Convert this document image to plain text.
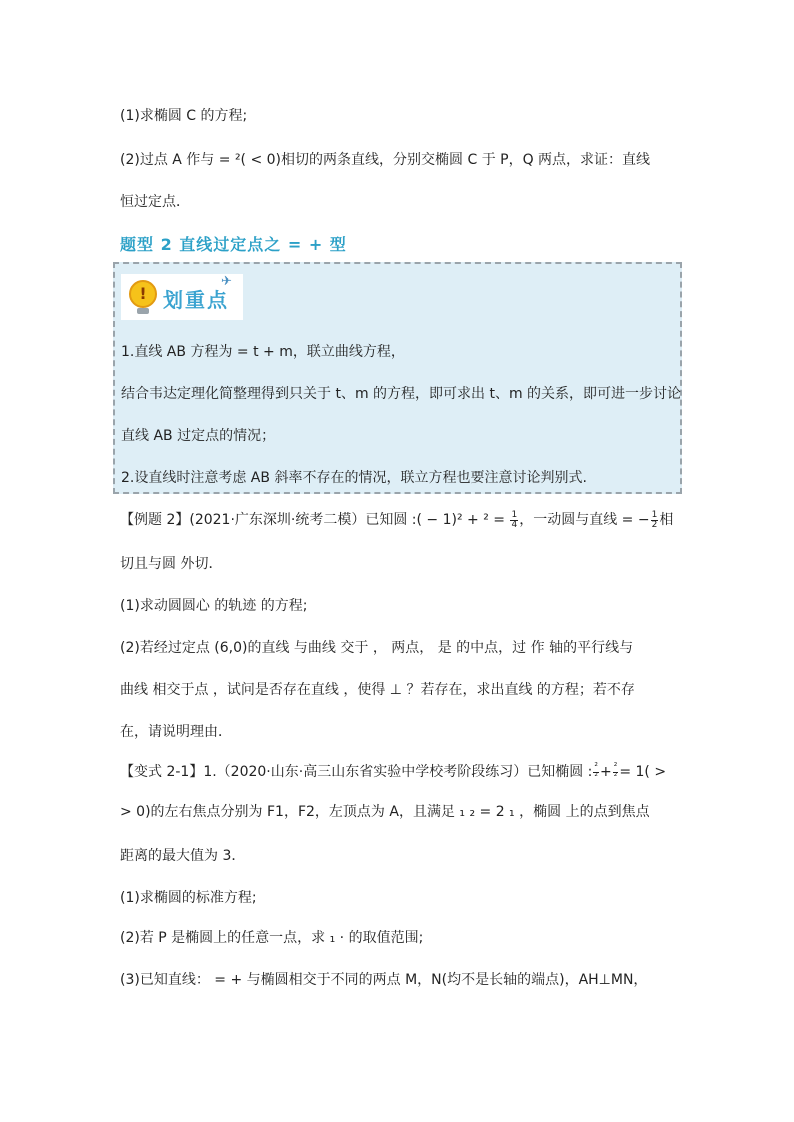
(1)求椭圆 C 的方程;
(2)过点 A 作与 = ²( < 0)相切的两条直线，分别交椭圆 C 于 P，Q 两点，求证：直线
恒过定点．
题型 2 直线过定点之 = + 型
!
划重点
✈
1.直线 AB 方程为 = t + m，联立曲线方程，
结合韦达定理化简整理得到只关于 t、m 的方程，即可求出 t、m 的关系，即可进一步讨论
直线 AB 过定点的情况；
2.设直线时注意考虑 AB 斜率不存在的情况，联立方程也要注意讨论判别式.
【例题 2】(2021·广东深圳·统考二模）已知圆 :( − $1)^2 + ^2 = \frac{1}{4}$ ，一动圆与直线 = − $\frac{1}{2}$ 相
切且与圆 外切．
(1)求动圆圆心 的轨迹 的方程;
(2)若经过定点 (6,0)的直线 与曲线 交于 ， 两点， 是 的中点，过 作 轴的平行线与
曲线 相交于点 ，试问是否存在直线 ，使得 ⊥ ？若存在，求出直线 的方程；若不存
在，请说明理由．
【变式 2-1】1.（2020·山东·高三山东省实验中学校考阶段练习）已知椭圆 : $\frac{\text{²}}{\text{²}} + \frac{\text{²}}{\text{²}} = 1$( >
> 0)的左右焦点分别为 F1，F2，左顶点为 A，且满足 ₁ ₂ = 2 ₁ ，椭圆 上的点到焦点
距离的最大值为 3．
(1)求椭圆的标准方程;
(2)若 P 是椭圆上的任意一点，求 ₁ · 的取值范围;
(3)已知直线： = + 与椭圆相交于不同的两点 M，N(均不是长轴的端点)，AH⊥MN，
